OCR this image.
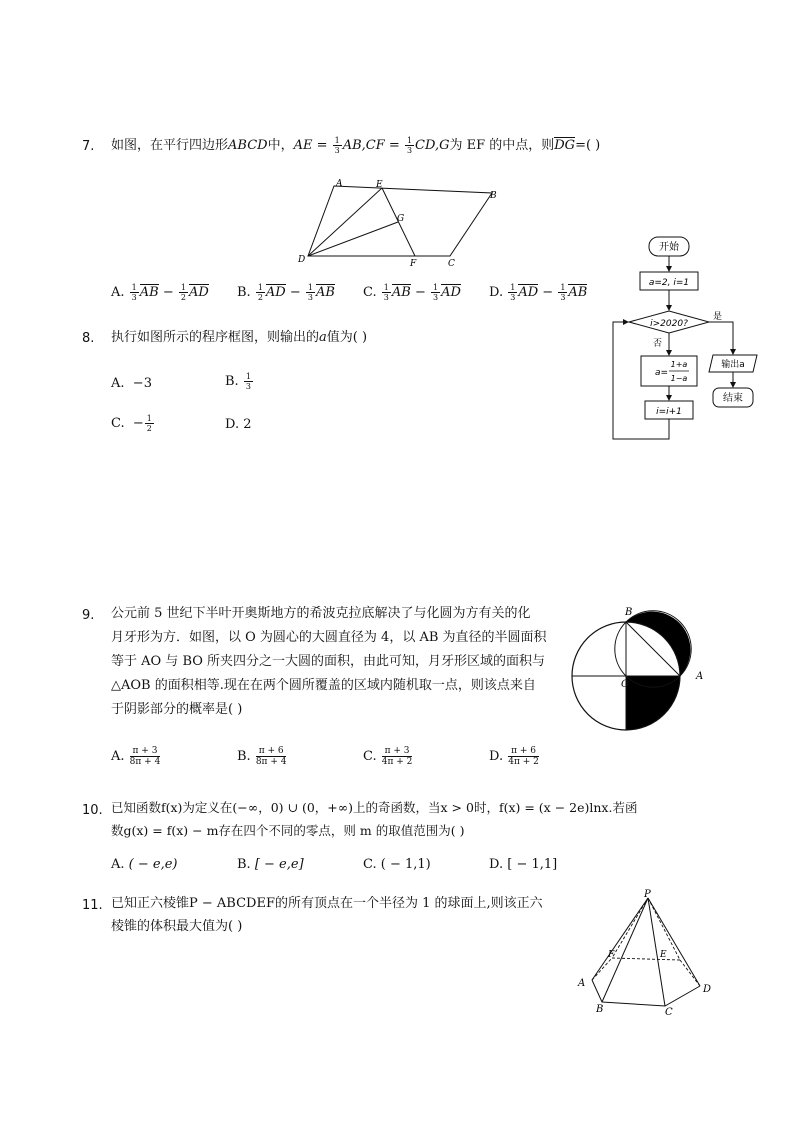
7. 如图，在平行四边形ABCD中，AE = $\frac{1}{3} AB,CF = \frac{1}{3} CD,G$为 EF 的中点，则DG=( )
A	E
B
G
D	F	C
A. $\frac{1}{3}$ AB − $\frac{1}{2}$ AD B. $\frac{1}{2}$ AD − $\frac{1}{3}$ AB C. $\frac{1}{3}$ AB − $\frac{1}{3}$ AD D. $\frac{1}{3}$ AD − $\frac{1}{3}$ AB
8. 执行如图所示的程序框图，则输出的a值为( )
A. −3	B. $\frac{1}{3}$
C. − $\frac{1}{2}$	D. 2
开始
a=2, i=1
i>2020?
是
否
输出a
结束
a=
1+a
1−a
i=i+1
9. 公元前 5 世纪下半叶开奥斯地方的希波克拉底解决了与化圆为方有关的化
月牙形为方．如图，以 O 为圆心的大圆直径为 4，以 AB 为直径的半圆面积
等于 AO 与 BO 所夹四分之一大圆的面积，由此可知，月牙形区域的面积与
△AOB 的面积相等.现在在两个圆所覆盖的区域内随机取一点，则该点来自
于阴影部分的概率是( )
B
O
A
A. $\frac{\pi + 3}{8\pi + 4}$	B. $\frac{\pi + 6}{8\pi + 4}$	C. $\frac{\pi + 3}{4\pi + 2}$	D. $\frac{\pi + 6}{4\pi + 2}$
10. 已知函数f(x)为定义在(−∞，0) ∪ (0，+∞)上的奇函数，当x > 0时，f(x) = (x − 2e)lnx.若函
数g(x) = f(x) − m存在四个不同的零点，则 m 的取值范围为( )
A. ( − e,e)	B. [ − e,e]	C. ( − 1,1)	D. [ − 1,1]
11. 已知正六棱锥P − ABCDEF的所有顶点在一个半径为 1 的球面上,则该正六
棱锥的体积最大值为( )
P
F	E
A
D
B	C
